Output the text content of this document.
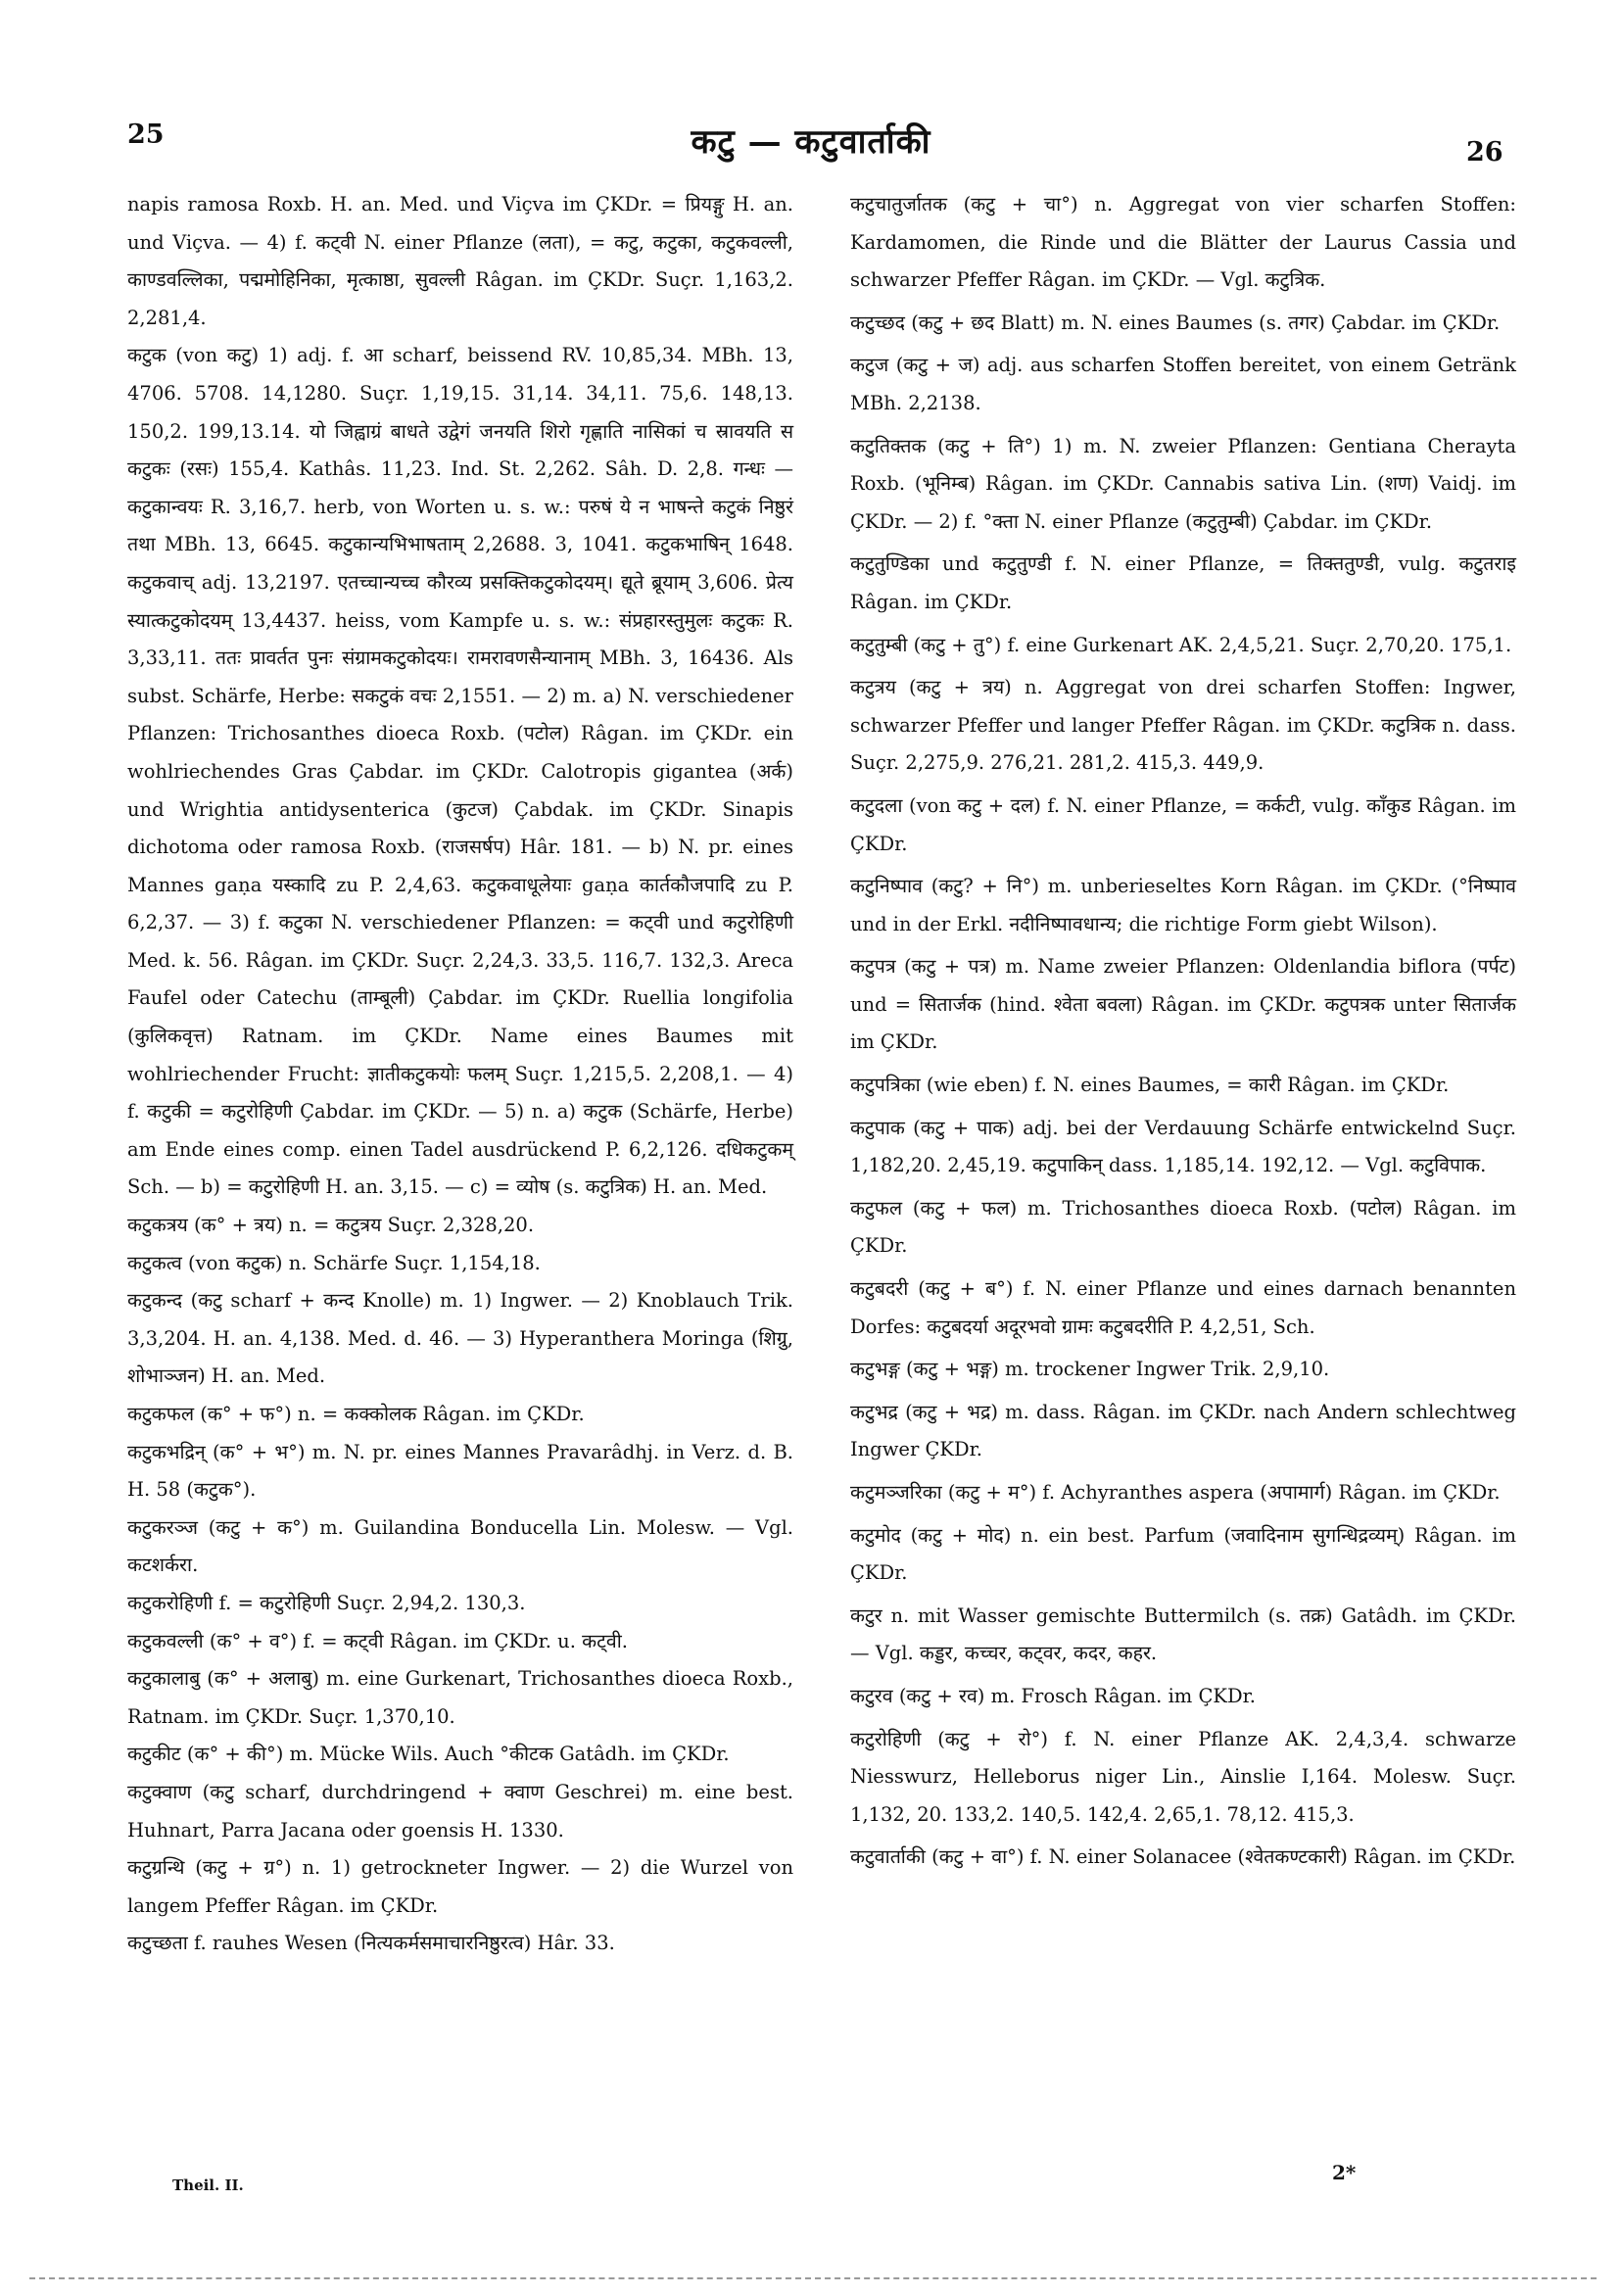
25	कटु — कटुवार्ताकी	26

napis ramosa Roxb. H. an. Med. und Viçva im ÇKDr. = प्रियङ्गु H. an. und Viçva. — 4) f. कट्वी N. einer Pflanze (लता), = कटु, कटुका, कटुकवल्ली, काण्डवल्लिका, पद्ममोहिनिका, मृत्काष्ठा, सुवल्ली Râgan. im ÇKDr. Suçr. 1,163,2. 2,281,4.

कटुक (von कटु) 1) adj. f. आ scharf, beissend RV. 10,85,34. MBh. 13, 4706. 5708. 14,1280. Suçr. 1,19,15. 31,14. 34,11. 75,6. 148,13. 150,2. 199,13.14. यो जिह्वाग्रं बाधते उद्वेगं जनयति शिरो गृह्णाति नासिकां च स्रावयति स कटुकः (रसः) 155,4. Kathâs. 11,23. Ind. St. 2,262. Sâh. D. 2,8. गन्धः — कटुकान्वयः R. 3,16,7. herb, von Worten u. s. w.: परुषं ये न भाषन्ते कटुकं निष्ठुरं तथा MBh. 13, 6645. कटुकान्यभिभाषताम् 2,2688. 3, 1041. कटुकभाषिन् 1648. कटुकवाच् adj. 13,2197. एतच्चान्यच्च कौरव्य प्रसक्तिकटुकोदयम्। द्यूते ब्रूयाम् 3,606. प्रेत्य स्यात्कटुकोदयम् 13,4437. heiss, vom Kampfe u. s. w.: संप्रहारस्तुमुलः कटुकः R. 3,33,11. ततः प्रावर्तत पुनः संग्रामकटुकोदयः। रामरावणसैन्यानाम् MBh. 3, 16436. Als subst. Schärfe, Herbe: सकटुकं वचः 2,1551. — 2) m. a) N. verschiedener Pflanzen: Trichosanthes dioeca Roxb. (पटोल) Râgan. im ÇKDr. ein wohlriechendes Gras Çabdar. im ÇKDr. Calotropis gigantea (अर्क) und Wrightia antidysenterica (कुटज) Çabdak. im ÇKDr. Sinapis dichotoma oder ramosa Roxb. (राजसर्षप) Hâr. 181. — b) N. pr. eines Mannes gaṇa यस्कादि zu P. 2,4,63. कटुकवाधूलेयाः gaṇa कार्तकौजपादि zu P. 6,2,37. — 3) f. कटुका N. verschiedener Pflanzen: = कट्वी und कटुरोहिणी Med. k. 56. Râgan. im ÇKDr. Suçr. 2,24,3. 33,5. 116,7. 132,3. Areca Faufel oder Catechu (ताम्बूली) Çabdar. im ÇKDr. Ruellia longifolia (कुलिकवृत्त) Ratnam. im ÇKDr. Name eines Baumes mit wohlriechender Frucht: ज्ञातीकटुकयोः फलम् Suçr. 1,215,5. 2,208,1. — 4) f. कटुकी = कटुरोहिणी Çabdar. im ÇKDr. — 5) n. a) कटुक (Schärfe, Herbe) am Ende eines comp. einen Tadel ausdrückend P. 6,2,126. दधिकटुकम् Sch. — b) = कटुरोहिणी H. an. 3,15. — c) = व्योष (s. कटुत्रिक) H. an. Med.

कटुकत्रय (क° + त्रय) n. = कटुत्रय Suçr. 2,328,20.

कटुकत्व (von कटुक) n. Schärfe Suçr. 1,154,18.

कटुकन्द (कटु scharf + कन्द Knolle) m. 1) Ingwer. — 2) Knoblauch Trik. 3,3,204. H. an. 4,138. Med. d. 46. — 3) Hyperanthera Moringa (शिग्रु, शोभाञ्जन) H. an. Med.

कटुकफल (क° + फ°) n. = कक्कोलक Râgan. im ÇKDr.

कटुकभद्रिन् (क° + भ°) m. N. pr. eines Mannes Pravarâdhj. in Verz. d. B. H. 58 (कटुक°).

कटुकरञ्ज (कटु + क°) m. Guilandina Bonducella Lin. Molesw. — Vgl. कटशर्करा.

कटुकरोहिणी f. = कटुरोहिणी Suçr. 2,94,2. 130,3.

कटुकवल्ली (क° + व°) f. = कट्वी Râgan. im ÇKDr. u. कट्वी.

कटुकालाबु (क° + अलाबु) m. eine Gurkenart, Trichosanthes dioeca Roxb., Ratnam. im ÇKDr. Suçr. 1,370,10.

कटुकीट (क° + की°) m. Mücke Wils. Auch °कीटक Gatâdh. im ÇKDr.

कटुक्वाण (कटु scharf, durchdringend + क्वाण Geschrei) m. eine best. Huhnart, Parra Jacana oder goensis H. 1330.

कटुग्रन्थि (कटु + ग्र°) n. 1) getrockneter Ingwer. — 2) die Wurzel von langem Pfeffer Râgan. im ÇKDr.

कटुच्छता f. rauhes Wesen (नित्यकर्मसमाचारनिष्ठुरत्व) Hâr. 33.

कटुचातुर्जातक (कटु + चा°) n. Aggregat von vier scharfen Stoffen: Kardamomen, die Rinde und die Blätter der Laurus Cassia und schwarzer Pfeffer Râgan. im ÇKDr. — Vgl. कटुत्रिक.

कटुच्छद (कटु + छद Blatt) m. N. eines Baumes (s. तगर) Çabdar. im ÇKDr.

कटुज (कटु + ज) adj. aus scharfen Stoffen bereitet, von einem Getränk MBh. 2,2138.

कटुतिक्तक (कटु + ति°) 1) m. N. zweier Pflanzen: Gentiana Cherayta Roxb. (भूनिम्ब) Râgan. im ÇKDr. Cannabis sativa Lin. (शण) Vaidj. im ÇKDr. — 2) f. °क्ता N. einer Pflanze (कटुतुम्बी) Çabdar. im ÇKDr.

कटुतुण्डिका und कटुतुण्डी f. N. einer Pflanze, = तिक्ततुण्डी, vulg. कटुतराइ Râgan. im ÇKDr.

कटुतुम्बी (कटु + तु°) f. eine Gurkenart AK. 2,4,5,21. Suçr. 2,70,20. 175,1.

कटुत्रय (कटु + त्रय) n. Aggregat von drei scharfen Stoffen: Ingwer, schwarzer Pfeffer und langer Pfeffer Râgan. im ÇKDr. कटुत्रिक n. dass. Suçr. 2,275,9. 276,21. 281,2. 415,3. 449,9.

कटुदला (von कटु + दल) f. N. einer Pflanze, = कर्कटी, vulg. काँकुड Râgan. im ÇKDr.

कटुनिष्पाव (कटु? + नि°) m. unberieseltes Korn Râgan. im ÇKDr. (°निष्पाव und in der Erkl. नदीनिष्पावधान्य; die richtige Form giebt Wilson).

कटुपत्र (कटु + पत्र) m. Name zweier Pflanzen: Oldenlandia biflora (पर्पट) und = सितार्जक (hind. श्वेता बवला) Râgan. im ÇKDr. कटुपत्रक unter सितार्जक im ÇKDr.

कटुपत्रिका (wie eben) f. N. eines Baumes, = कारी Râgan. im ÇKDr.

कटुपाक (कटु + पाक) adj. bei der Verdauung Schärfe entwickelnd Suçr. 1,182,20. 2,45,19. कटुपाकिन् dass. 1,185,14. 192,12. — Vgl. कटुविपाक.

कटुफल (कटु + फल) m. Trichosanthes dioeca Roxb. (पटोल) Râgan. im ÇKDr.

कटुबदरी (कटु + ब°) f. N. einer Pflanze und eines darnach benannten Dorfes: कटुबदर्या अदूरभवो ग्रामः कटुबदरीति P. 4,2,51, Sch.

कटुभङ्ग (कटु + भङ्ग) m. trockener Ingwer Trik. 2,9,10.

कटुभद्र (कटु + भद्र) m. dass. Râgan. im ÇKDr. nach Andern schlechtweg Ingwer ÇKDr.

कटुमञ्जरिका (कटु + म°) f. Achyranthes aspera (अपामार्ग) Râgan. im ÇKDr.

कटुमोद (कटु + मोद) n. ein best. Parfum (जवादिनाम सुगन्धिद्रव्यम्) Râgan. im ÇKDr.

कटुर n. mit Wasser gemischte Buttermilch (s. तक्र) Gatâdh. im ÇKDr. — Vgl. कड्डर, कच्चर, कट्वर, कदर, कहर.

कटुरव (कटु + रव) m. Frosch Râgan. im ÇKDr.

कटुरोहिणी (कटु + रो°) f. N. einer Pflanze AK. 2,4,3,4. schwarze Niesswurz, Helleborus niger Lin., Ainslie I,164. Molesw. Suçr. 1,132, 20. 133,2. 140,5. 142,4. 2,65,1. 78,12. 415,3.

कटुवार्ताकी (कटु + वा°) f. N. einer Solanacee (श्वेतकण्टकारी) Râgan. im ÇKDr.

Theil. II.
2*
